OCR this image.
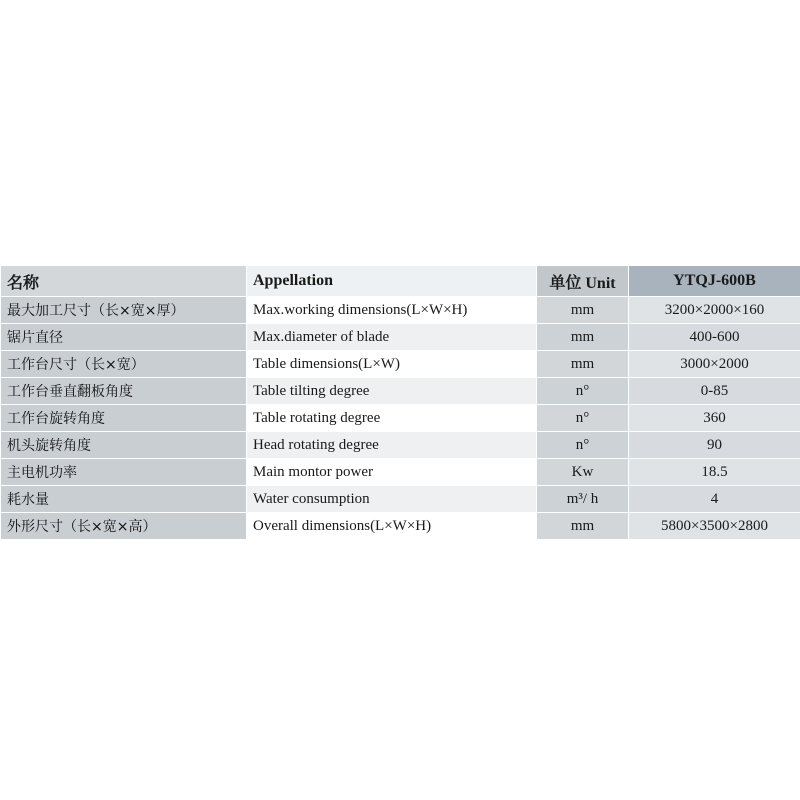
名称	Appellation	单位 Unit	YTQJ-600B
最大加工尺寸（长×宽×厚）	Max.working dimensions(L×W×H)	mm	3200×2000×160
锯片直径	Max.diameter of blade	mm	400-600
工作台尺寸（长×宽）	Table dimensions(L×W)	mm	3000×2000
工作台垂直翻板角度	Table tilting degree	n°	0-85
工作台旋转角度	Table rotating degree	n°	360
机头旋转角度	Head rotating degree	n°	90
主电机功率	Main montor power	Kw	18.5
耗水量	Water consumption	m³/ h	4
外形尺寸（长×宽×高）	Overall dimensions(L×W×H)	mm	5800×3500×2800
